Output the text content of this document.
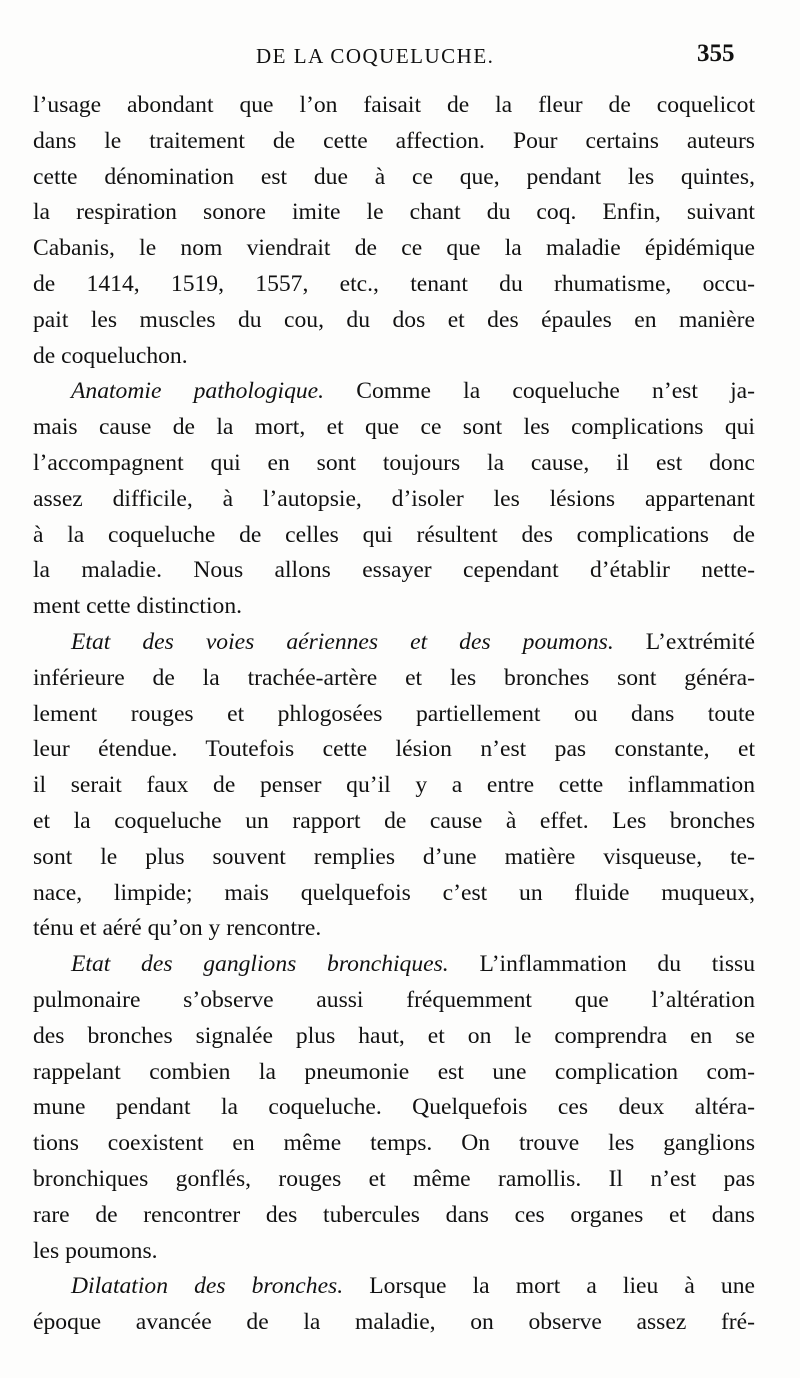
DE LA COQUELUCHE.	355
l’usage abondant que l’on faisait de la fleur de coquelicot
dans le traitement de cette affection. Pour certains auteurs
cette dénomination est due à ce que, pendant les quintes,
la respiration sonore imite le chant du coq. Enfin, suivant
Cabanis, le nom viendrait de ce que la maladie épidémique
de 1414, 1519, 1557, etc., tenant du rhumatisme, occu-
pait les muscles du cou, du dos et des épaules en manière
de coqueluchon.
Anatomie pathologique. Comme la coqueluche n’est ja-
mais cause de la mort, et que ce sont les complications qui
l’accompagnent qui en sont toujours la cause, il est donc
assez difficile, à l’autopsie, d’isoler les lésions appartenant
à la coqueluche de celles qui résultent des complications de
la maladie. Nous allons essayer cependant d’établir nette-
ment cette distinction.
Etat des voies aériennes et des poumons. L’extrémité
inférieure de la trachée-artère et les bronches sont généra-
lement rouges et phlogosées partiellement ou dans toute
leur étendue. Toutefois cette lésion n’est pas constante, et
il serait faux de penser qu’il y a entre cette inflammation
et la coqueluche un rapport de cause à effet. Les bronches
sont le plus souvent remplies d’une matière visqueuse, te-
nace, limpide; mais quelquefois c’est un fluide muqueux,
ténu et aéré qu’on y rencontre.
Etat des ganglions bronchiques. L’inflammation du tissu
pulmonaire s’observe aussi fréquemment que l’altération
des bronches signalée plus haut, et on le comprendra en se
rappelant combien la pneumonie est une complication com-
mune pendant la coqueluche. Quelquefois ces deux altéra-
tions coexistent en même temps. On trouve les ganglions
bronchiques gonflés, rouges et même ramollis. Il n’est pas
rare de rencontrer des tubercules dans ces organes et dans
les poumons.
Dilatation des bronches. Lorsque la mort a lieu à une
époque avancée de la maladie, on observe assez fré-
